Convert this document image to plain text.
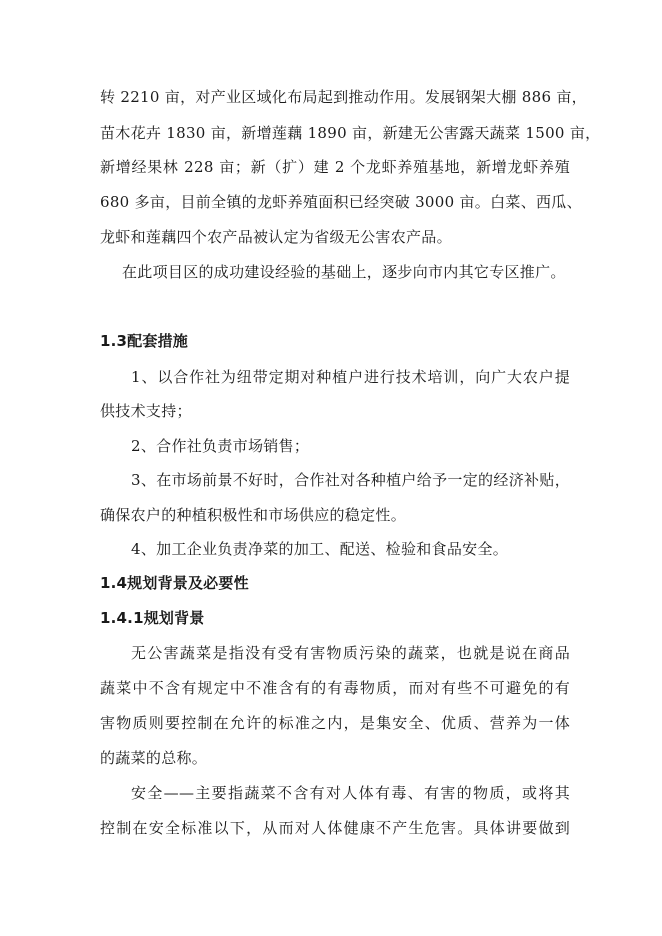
转 2210 亩，对产业区域化布局起到推动作用。发展钢架大棚 886 亩，
苗木花卉 1830 亩，新增莲藕 1890 亩，新建无公害露天蔬菜 1500 亩，
新增经果林 228 亩；新（扩）建 2 个龙虾养殖基地，新增龙虾养殖
680 多亩，目前全镇的龙虾养殖面积已经突破 3000 亩。白菜、西瓜、
龙虾和莲藕四个农产品被认定为省级无公害农产品。
在此项目区的成功建设经验的基础上，逐步向市内其它专区推广。
1.3配套措施
1、以合作社为纽带定期对种植户进行技术培训，向广大农户提
供技术支持；
2、合作社负责市场销售；
3、在市场前景不好时，合作社对各种植户给予一定的经济补贴，
确保农户的种植积极性和市场供应的稳定性。
4、加工企业负责净菜的加工、配送、检验和食品安全。
1.4规划背景及必要性
1.4.1规划背景
无公害蔬菜是指没有受有害物质污染的蔬菜，也就是说在商品
蔬菜中不含有规定中不准含有的有毒物质，而对有些不可避免的有
害物质则要控制在允许的标准之内，是集安全、优质、营养为一体
的蔬菜的总称。
安全——主要指蔬菜不含有对人体有毒、有害的物质，或将其
控制在安全标准以下，从而对人体健康不产生危害。具体讲要做到
